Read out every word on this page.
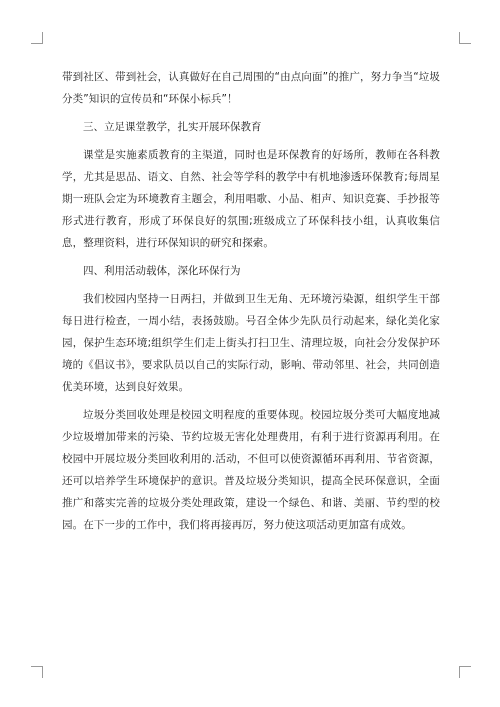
带到社区、带到社会，认真做好在自己周围的“由点向面”的推广，努力争当“垃圾分类”知识的宣传员和“环保小标兵”！

三、立足课堂教学，扎实开展环保教育

课堂是实施素质教育的主渠道，同时也是环保教育的好场所，教师在各科教学，尤其是思品、语文、自然、社会等学科的教学中有机地渗透环保教育;每周星期一班队会定为环境教育主题会，利用唱歌、小品、相声、知识竞赛、手抄报等形式进行教育，形成了环保良好的氛围;班级成立了环保科技小组，认真收集信息，整理资料，进行环保知识的研究和探索。

四、利用活动载体，深化环保行为

我们校园内坚持一日两扫，并做到卫生无角、无环境污染源，组织学生干部每日进行检查，一周小结，表扬鼓励。号召全体少先队员行动起来，绿化美化家园，保护生态环境;组织学生们走上街头打扫卫生、清理垃圾，向社会分发保护环境的《倡议书》，要求队员以自己的实际行动，影响、带动邻里、社会，共同创造优美环境，达到良好效果。

垃圾分类回收处理是校园文明程度的重要体现。校园垃圾分类可大幅度地减少垃圾增加带来的污染、节约垃圾无害化处理费用，有利于进行资源再利用。在校园中开展垃圾分类回收利用的.活动，不但可以使资源循环再利用、节省资源，还可以培养学生环境保护的意识。普及垃圾分类知识，提高全民环保意识，全面推广和落实完善的垃圾分类处理政策，建设一个绿色、和谐、美丽、节约型的校园。在下一步的工作中，我们将再接再厉，努力使这项活动更加富有成效。
